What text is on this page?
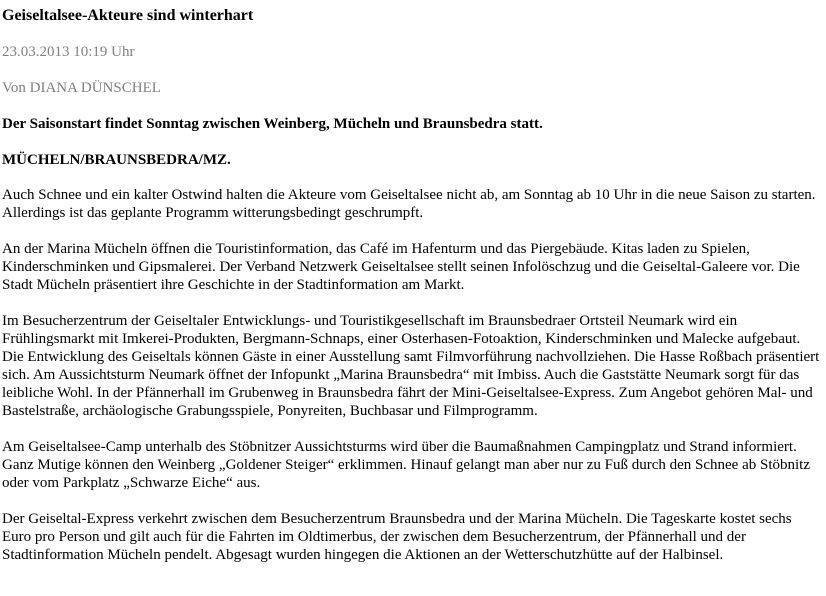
Geiseltalsee-Akteure sind winterhart
23.03.2013 10:19 Uhr
Von DIANA DÜNSCHEL
Der Saisonstart findet Sonntag zwischen Weinberg, Mücheln und Braunsbedra statt.
MÜCHELN/BRAUNSBEDRA/MZ.

Auch Schnee und ein kalter Ostwind halten die Akteure vom Geiseltalsee nicht ab, am Sonntag ab 10 Uhr in die neue Saison zu starten. Allerdings ist das geplante Programm witterungsbedingt geschrumpft.

An der Marina Mücheln öffnen die Touristinformation, das Café im Hafenturm und das Piergebäude. Kitas laden zu Spielen, Kinderschminken und Gipsmalerei. Der Verband Netzwerk Geiseltalsee stellt seinen Infolöschzug und die Geiseltal-Galeere vor. Die Stadt Mücheln präsentiert ihre Geschichte in der Stadtinformation am Markt.

Im Besucherzentrum der Geiseltaler Entwicklungs- und Touristikgesellschaft im Braunsbedraer Ortsteil Neumark wird ein Frühlingsmarkt mit Imkerei-Produkten, Bergmann-Schnaps, einer Osterhasen-Fotoaktion, Kinderschminken und Malecke aufgebaut. Die Entwicklung des Geiseltals können Gäste in einer Ausstellung samt Filmvorführung nachvollziehen. Die Hasse Roßbach präsentiert sich. Am Aussichtsturm Neumark öffnet der Infopunkt „Marina Braunsbedra“ mit Imbiss. Auch die Gaststätte Neumark sorgt für das leibliche Wohl. In der Pfännerhall im Grubenweg in Braunsbedra fährt der Mini-Geiseltalsee-Express. Zum Angebot gehören Mal- und Bastelstraße, archäologische Grabungsspiele, Ponyreiten, Buchbasar und Filmprogramm.

Am Geiseltalsee-Camp unterhalb des Stöbnitzer Aussichtsturms wird über die Baumaßnahmen Campingplatz und Strand informiert. Ganz Mutige können den Weinberg „Goldener Steiger“ erklimmen. Hinauf gelangt man aber nur zu Fuß durch den Schnee ab Stöbnitz oder vom Parkplatz „Schwarze Eiche“ aus.

Der Geiseltal-Express verkehrt zwischen dem Besucherzentrum Braunsbedra und der Marina Mücheln. Die Tageskarte kostet sechs Euro pro Person und gilt auch für die Fahrten im Oldtimerbus, der zwischen dem Besucherzentrum, der Pfännerhall und der Stadtinformation Mücheln pendelt. Abgesagt wurden hingegen die Aktionen an der Wetterschutzhütte auf der Halbinsel.
